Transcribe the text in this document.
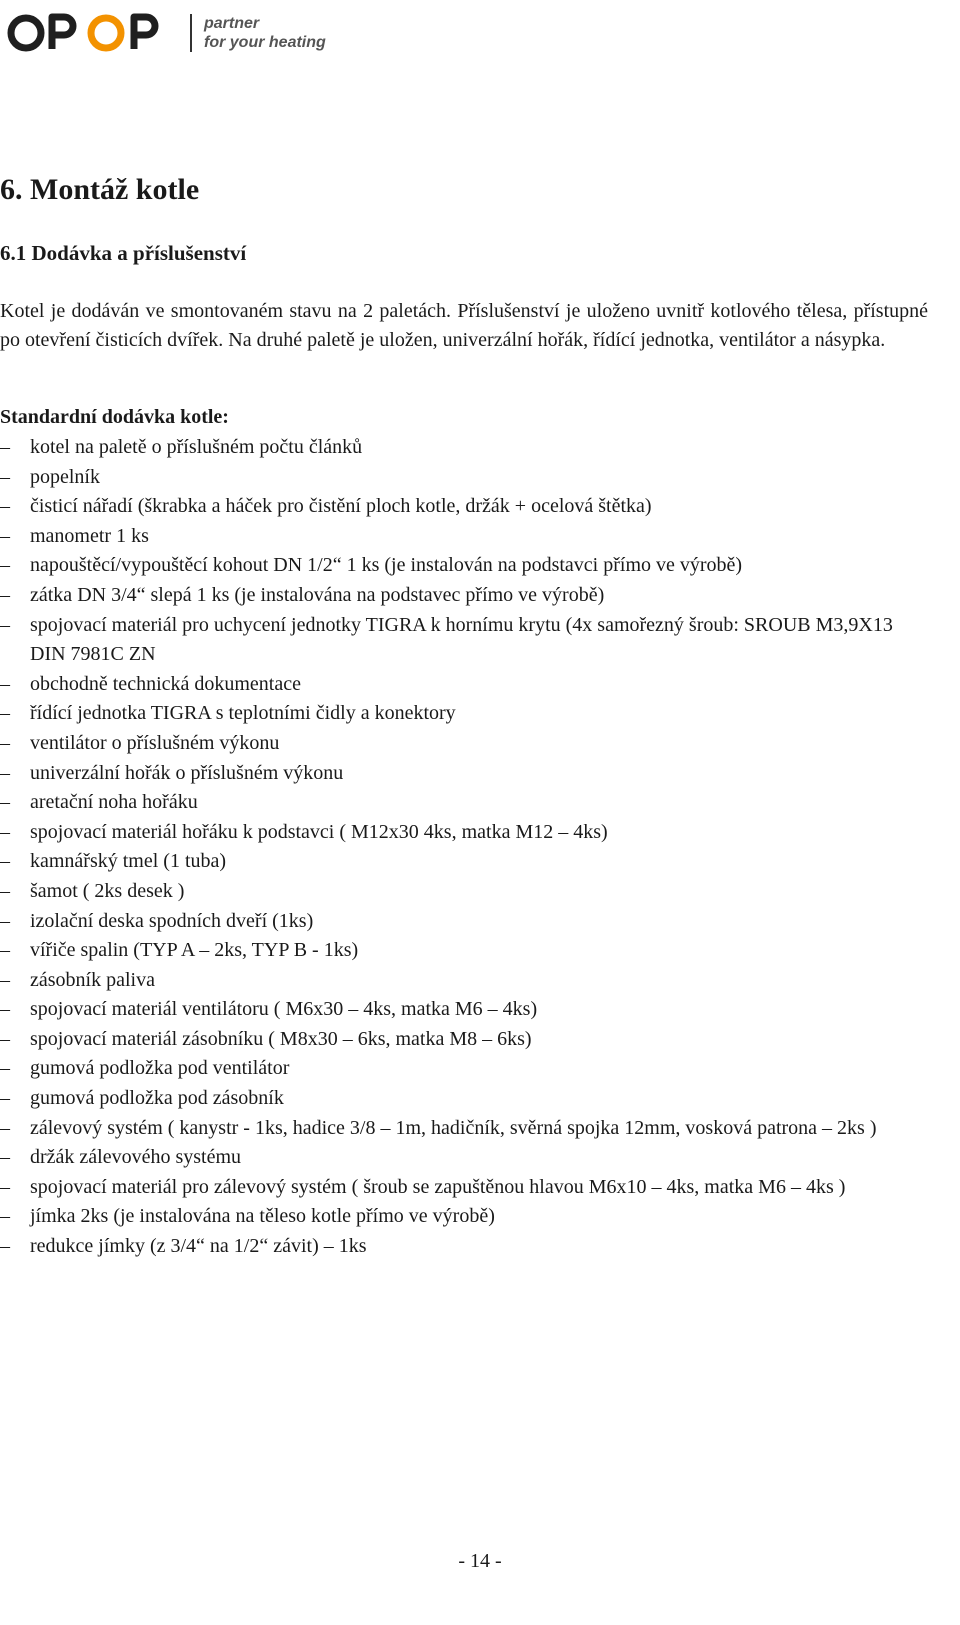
partner
for your heating
6. Montáž kotle
6.1 Dodávka a příslušenství

Kotel je dodáván ve smontovaném stavu na 2 paletách. Příslušenství je uloženo uvnitř kotlového tělesa, přístupné po otevření čisticích dvířek. Na druhé paletě je uložen, univerzální hořák, řídící jednotka, ventilátor a násypka.

Standardní dodávka kotle:

– kotel na paletě o příslušném počtu článků
– popelník
– čisticí nářadí (škrabka a háček pro čistění ploch kotle, držák + ocelová štětka)
– manometr 1 ks
– napouštěcí/vypouštěcí kohout DN 1/2“ 1 ks (je instalován na podstavci přímo ve výrobě)
– zátka DN 3/4“ slepá 1 ks (je instalována na podstavec přímo ve výrobě)
– spojovací materiál pro uchycení jednotky TIGRA k hornímu krytu (4x samořezný šroub: SROUB M3,9X13 DIN 7981C ZN
– obchodně technická dokumentace
– řídící jednotka TIGRA s teplotními čidly a konektory
– ventilátor o příslušném výkonu
– univerzální hořák o příslušném výkonu
– aretační noha hořáku
– spojovací materiál hořáku k podstavci ( M12x30 4ks, matka M12 – 4ks)
– kamnářský tmel (1 tuba)
– šamot ( 2ks desek )
– izolační deska spodních dveří (1ks)
– vířiče spalin (TYP A – 2ks, TYP B - 1ks)
– zásobník paliva
– spojovací materiál ventilátoru ( M6x30 – 4ks, matka M6 – 4ks)
– spojovací materiál zásobníku ( M8x30 – 6ks, matka M8 – 6ks)
– gumová podložka pod ventilátor
– gumová podložka pod zásobník
– zálevový systém ( kanystr - 1ks, hadice 3/8 – 1m, hadičník, svěrná spojka 12mm, vosková patrona – 2ks )
– držák zálevového systému
– spojovací materiál pro zálevový systém ( šroub se zapuštěnou hlavou M6x10 – 4ks, matka M6 – 4ks )
– jímka 2ks (je instalována na těleso kotle přímo ve výrobě)
– redukce jímky (z 3/4“ na 1/2“ závit) – 1ks
- 14 -
